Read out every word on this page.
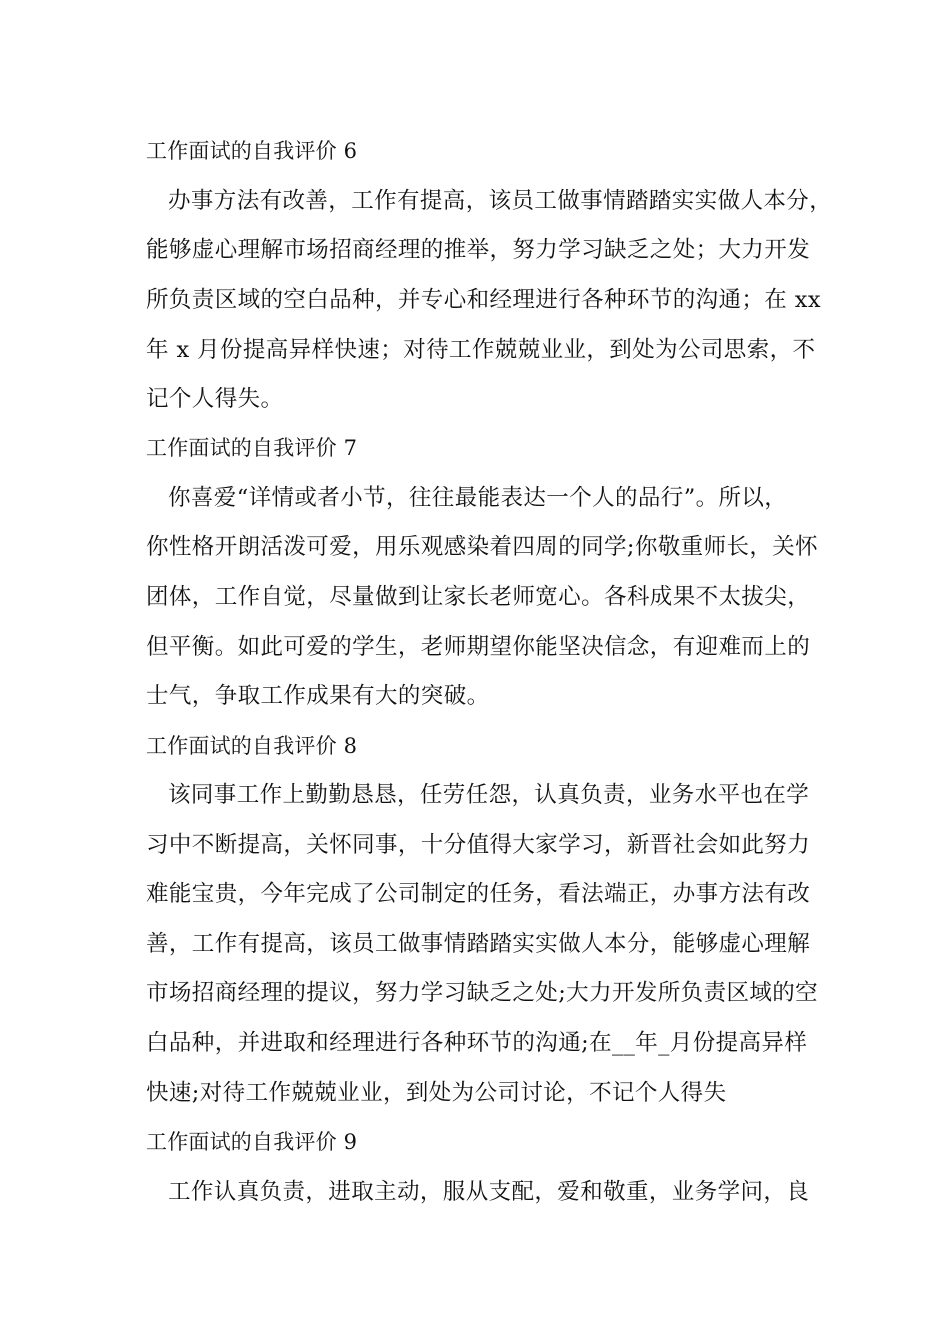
工作面试的自我评价 6
办事方法有改善，工作有提高，该员工做事情踏踏实实做人本分，
能够虚心理解市场招商经理的推举，努力学习缺乏之处；大力开发
所负责区域的空白品种，并专心和经理进行各种环节的沟通；在 xx
年 x 月份提高异样快速；对待工作兢兢业业，到处为公司思索，不
记个人得失。
工作面试的自我评价 7
你喜爱“详情或者小节，往往最能表达一个人的品行”。所以，
你性格开朗活泼可爱，用乐观感染着四周的同学;你敬重师长，关怀
团体，工作自觉，尽量做到让家长老师宽心。各科成果不太拔尖，
但平衡。如此可爱的学生，老师期望你能坚决信念，有迎难而上的
士气，争取工作成果有大的突破。
工作面试的自我评价 8
该同事工作上勤勤恳恳，任劳任怨，认真负责，业务水平也在学
习中不断提高，关怀同事，十分值得大家学习，新晋社会如此努力
难能宝贵，今年完成了公司制定的任务，看法端正，办事方法有改
善，工作有提高，该员工做事情踏踏实实做人本分，能够虚心理解
市场招商经理的提议，努力学习缺乏之处;大力开发所负责区域的空
白品种，并进取和经理进行各种环节的沟通;在__年_月份提高异样
快速;对待工作兢兢业业，到处为公司讨论，不记个人得失
工作面试的自我评价 9
工作认真负责，进取主动，服从支配，爱和敬重，业务学问，良
